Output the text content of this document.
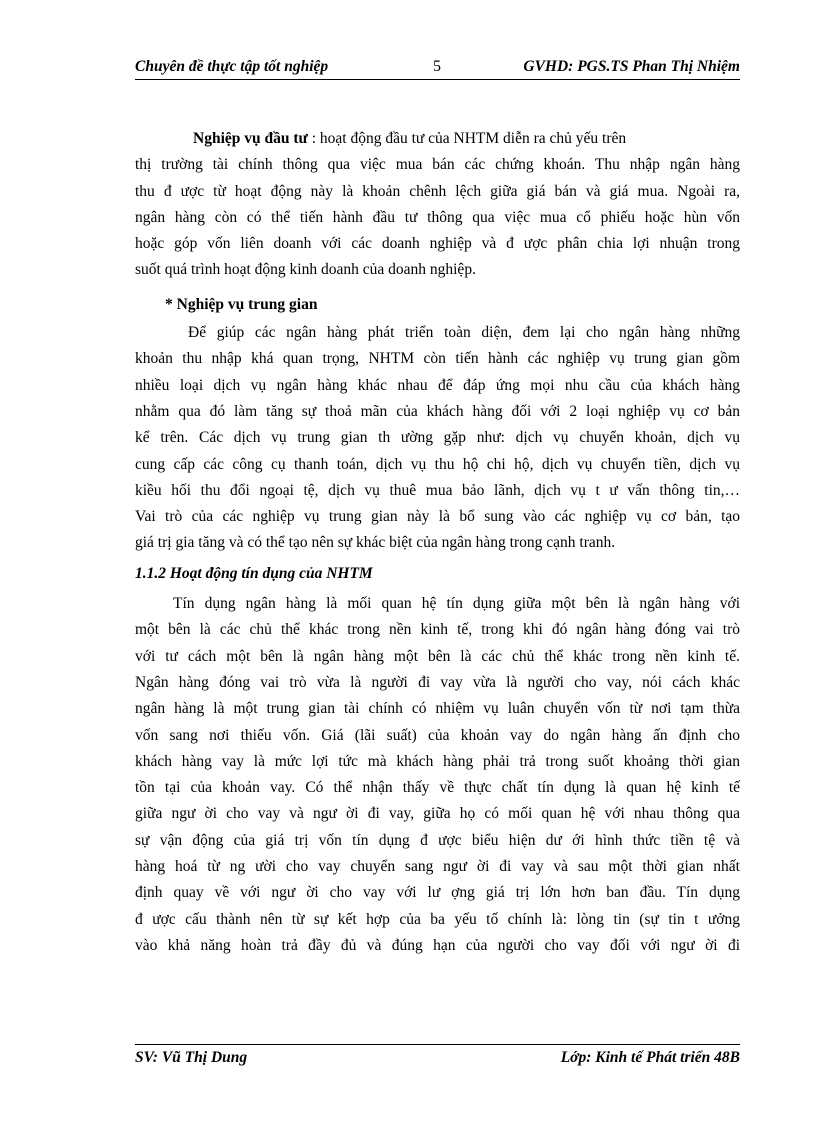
Chuyên đề thực tập tốt nghiệp	5	GVHD: PGS.TS Phan Thị Nhiệm
Nghiệp vụ đầu tư : hoạt động đầu tư của NHTM diễn ra chủ yếu trên
thị trường tài chính thông qua việc mua bán các chứng khoán. Thu nhập ngân hàng
thu đ ược từ hoạt động này là khoản chênh lệch giữa giá bán và giá mua. Ngoài ra,
ngân hàng còn có thể tiến hành đầu tư thông qua việc mua cổ phiếu hoặc hùn vốn
hoặc góp vốn liên doanh với các doanh nghiệp và đ ược phân chia lợi nhuận trong
suốt quá trình hoạt động kinh doanh của doanh nghiệp.
* Nghiệp vụ trung gian
Để giúp các ngân hàng phát triển toàn diện, đem lại cho ngân hàng những
khoản thu nhập khá quan trọng, NHTM còn tiến hành các nghiệp vụ trung gian gồm
nhiều loại dịch vụ ngân hàng khác nhau để đáp ứng mọi nhu cầu của khách hàng
nhằm qua đó làm tăng sự thoả mãn của khách hàng đối với 2 loại nghiệp vụ cơ bản
kể trên. Các dịch vụ trung gian th ường gặp như: dịch vụ chuyển khoản, dịch vụ
cung cấp các công cụ thanh toán, dịch vụ thu hộ chi hộ, dịch vụ chuyển tiền, dịch vụ
kiều hối thu đổi ngoại tệ, dịch vụ thuê mua bảo lãnh, dịch vụ t ư vấn thông tin,…
Vai trò của các nghiệp vụ trung gian này là bổ sung vào các nghiệp vụ cơ bản, tạo
giá trị gia tăng và có thể tạo nên sự khác biệt của ngân hàng trong cạnh tranh.
1.1.2 Hoạt động tín dụng của NHTM
Tín dụng ngân hàng là mối quan hệ tín dụng giữa một bên là ngân hàng với
một bên là các chủ thể khác trong nền kinh tế, trong khi đó ngân hàng đóng vai trò
với tư cách một bên là ngân hàng một bên là các chủ thể khác trong nền kinh tế.
Ngân hàng đóng vai trò vừa là người đi vay vừa là người cho vay, nói cách khác
ngân hàng là một trung gian tài chính có nhiệm vụ luân chuyển vốn từ nơi tạm thừa
vốn sang nơi thiếu vốn. Giá (lãi suất) của khoản vay do ngân hàng ấn định cho
khách hàng vay là mức lợi tức mà khách hàng phải trả trong suốt khoảng thời gian
tồn tại của khoản vay. Có thể nhận thấy về thực chất tín dụng là quan hệ kinh tế
giữa ngư ời cho vay và ngư ời đi vay, giữa họ có mối quan hệ với nhau thông qua
sự vận động của giá trị vốn tín dụng đ ược biểu hiện dư ới hình thức tiền tệ và
hàng hoá từ ng ười cho vay chuyển sang ngư ời đi vay và sau một thời gian nhất
định quay về với ngư ời cho vay với lư ợng giá trị lớn hơn ban đầu. Tín dụng
đ ược cấu thành nên từ sự kết hợp của ba yếu tố chính là: lòng tin (sự tin t ưởng
vào khả năng hoàn trả đầy đủ và đúng hạn của người cho vay đối với ngư ời đi
SV: Vũ Thị Dung	Lớp: Kinh tế Phát triển 48B
